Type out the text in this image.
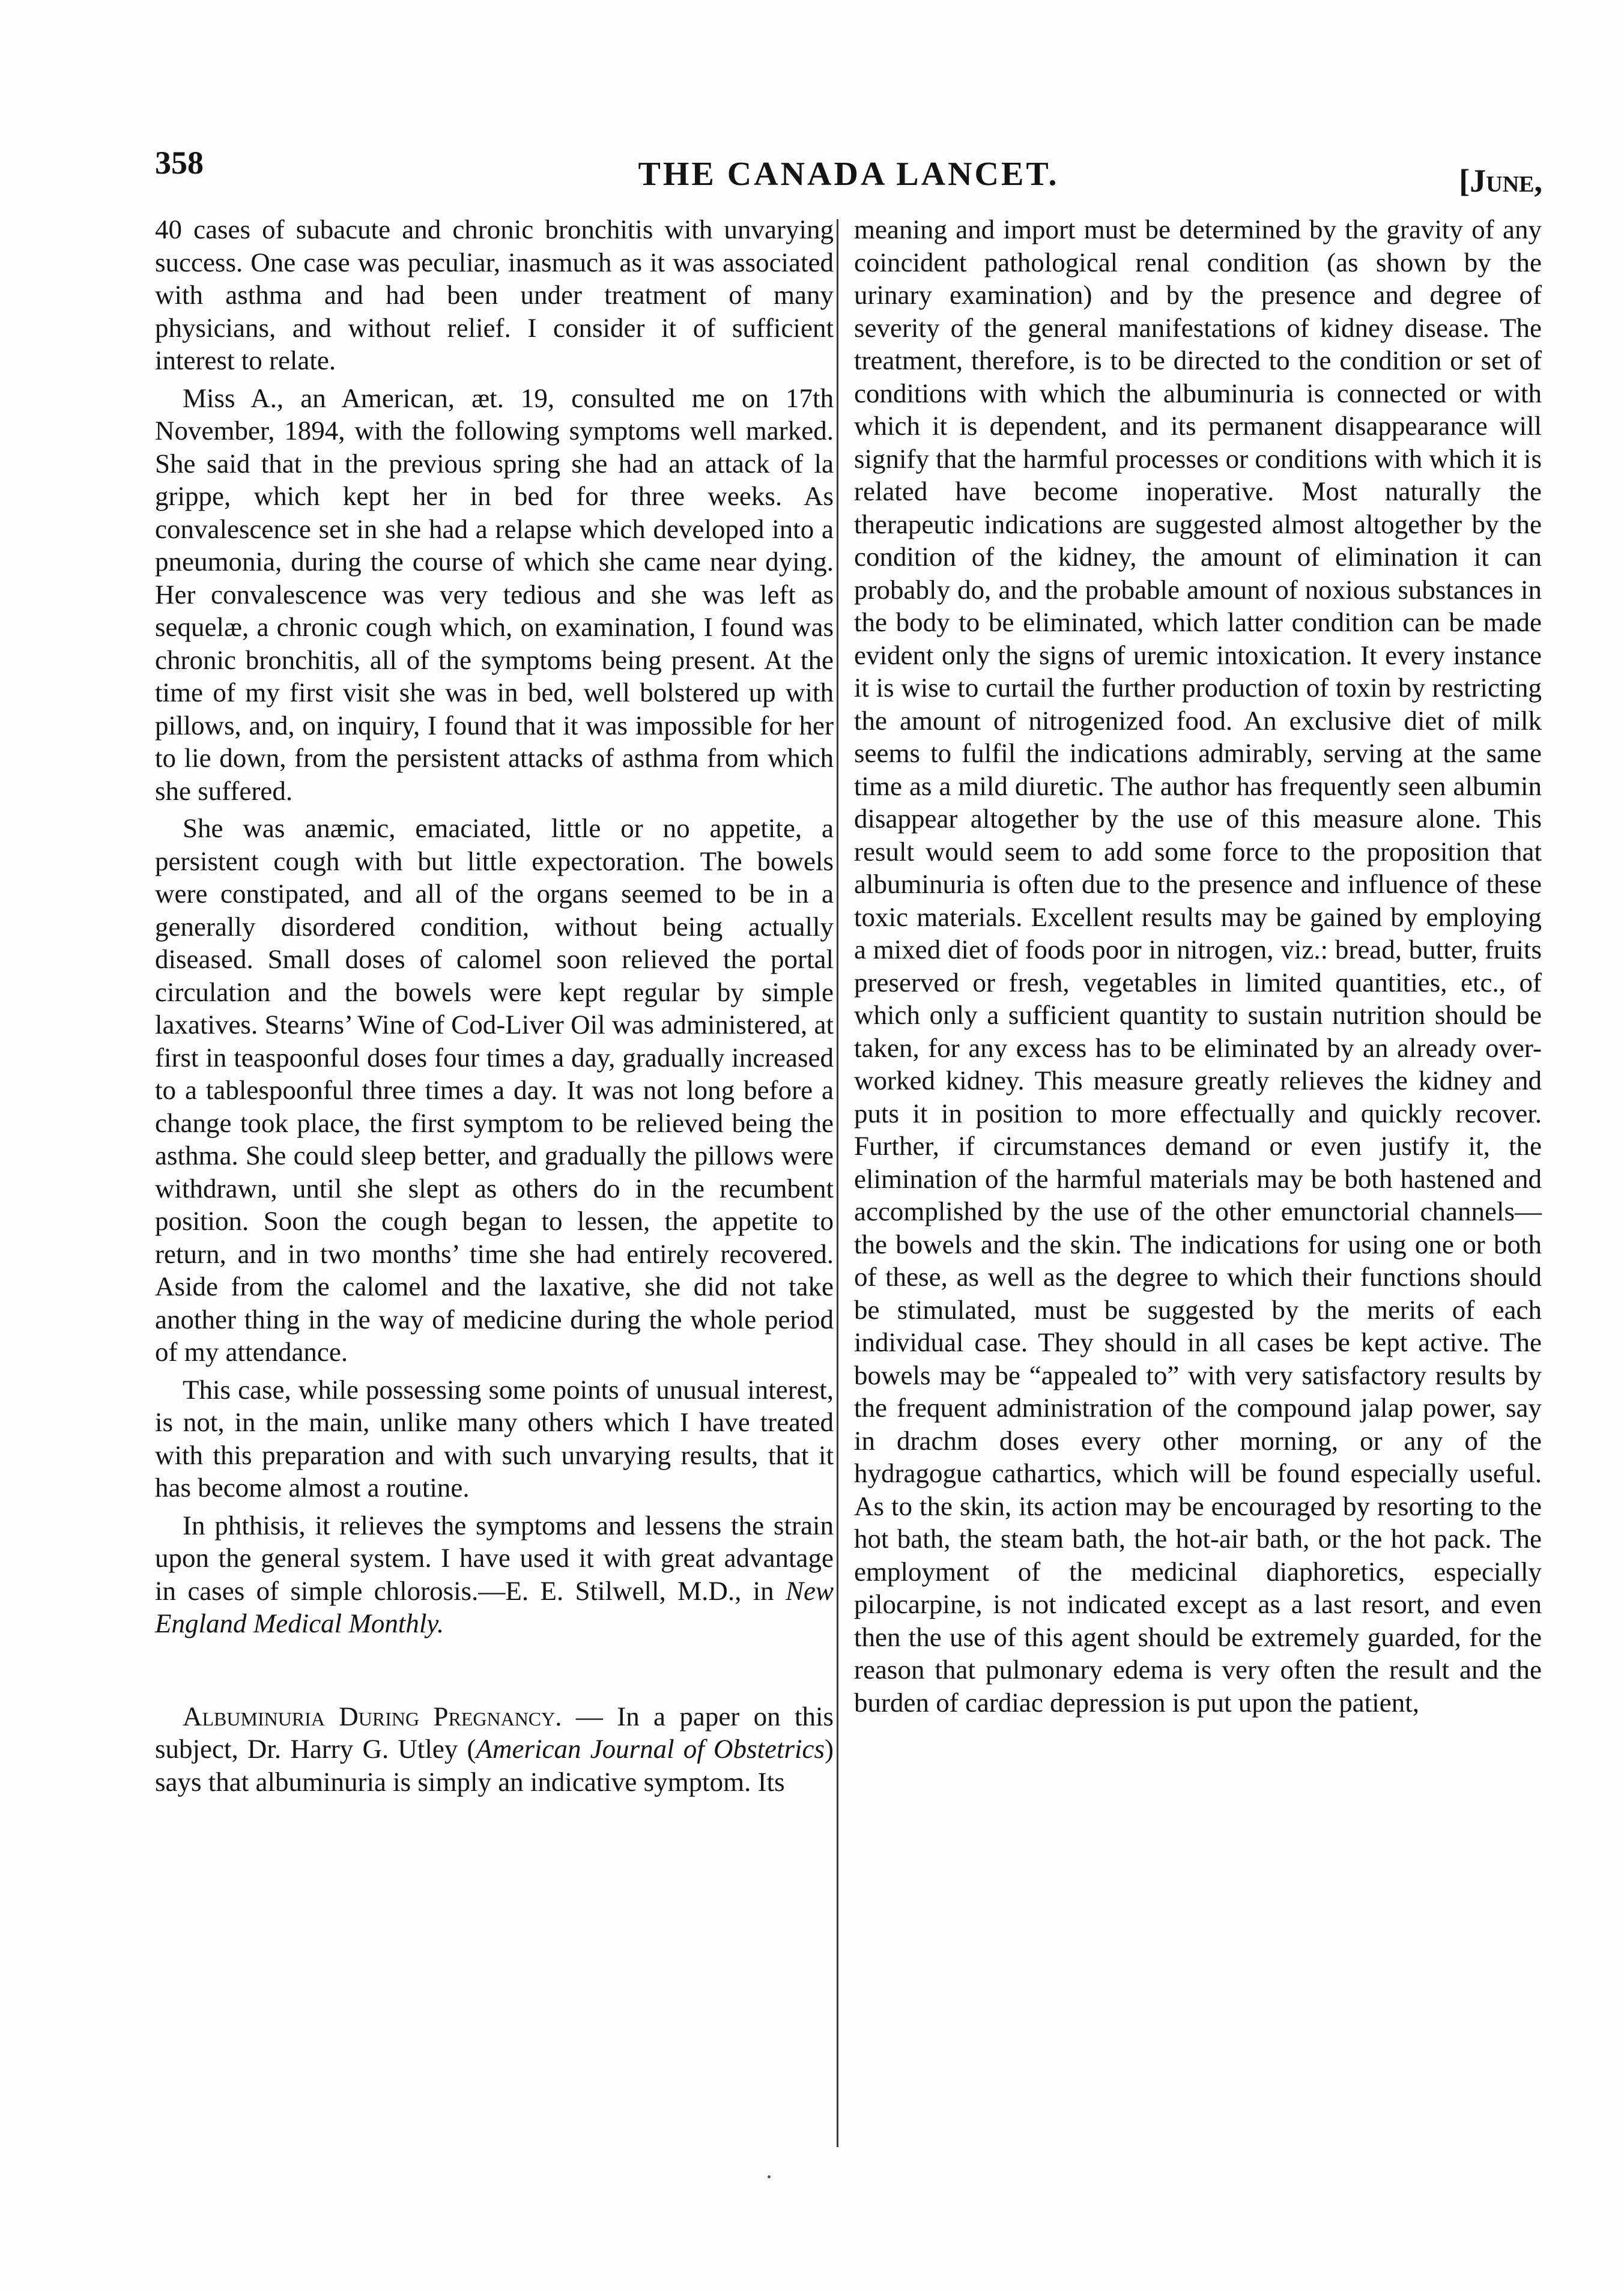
358	THE CANADA LANCET.	[June,

40 cases of subacute and chronic bronchitis with unvarying success. One case was peculiar, inasmuch as it was associated with asthma and had been under treatment of many physicians, and without relief. I consider it of sufficient interest to relate.

Miss A., an American, æt. 19, consulted me on 17th November, 1894, with the following symptoms well marked. She said that in the previous spring she had an attack of la grippe, which kept her in bed for three weeks. As convalescence set in she had a relapse which developed into a pneumonia, during the course of which she came near dying. Her convalescence was very tedious and she was left as sequelæ, a chronic cough which, on examination, I found was chronic bronchitis, all of the symptoms being present. At the time of my first visit she was in bed, well bolstered up with pillows, and, on inquiry, I found that it was impossible for her to lie down, from the persistent attacks of asthma from which she suffered.

She was anæmic, emaciated, little or no appetite, a persistent cough with but little expectoration. The bowels were constipated, and all of the organs seemed to be in a generally disordered condition, without being actually diseased. Small doses of calomel soon relieved the portal circulation and the bowels were kept regular by simple laxatives. Stearns’ Wine of Cod-Liver Oil was administered, at first in teaspoonful doses four times a day, gradually increased to a tablespoonful three times a day. It was not long before a change took place, the first symptom to be relieved being the asthma. She could sleep better, and gradually the pillows were withdrawn, until she slept as others do in the recumbent position. Soon the cough began to lessen, the appetite to return, and in two months’ time she had entirely recovered. Aside from the calomel and the laxative, she did not take another thing in the way of medicine during the whole period of my attendance.

This case, while possessing some points of unusual interest, is not, in the main, unlike many others which I have treated with this preparation and with such unvarying results, that it has become almost a routine.

In phthisis, it relieves the symptoms and lessens the strain upon the general system. I have used it with great advantage in cases of simple chlorosis.—E. E. Stilwell, M.D., in New England Medical Monthly.

Albuminuria During Pregnancy. — In a paper on this subject, Dr. Harry G. Utley (American Journal of Obstetrics) says that albuminuria is simply an indicative symptom. Its

meaning and import must be determined by the gravity of any coincident pathological renal condition (as shown by the urinary examination) and by the presence and degree of severity of the general manifestations of kidney disease. The treatment, therefore, is to be directed to the condition or set of conditions with which the albuminuria is connected or with which it is dependent, and its permanent disappearance will signify that the harmful processes or conditions with which it is related have become inoperative. Most naturally the therapeutic indications are suggested almost altogether by the condition of the kidney, the amount of elimination it can probably do, and the probable amount of noxious substances in the body to be eliminated, which latter condition can be made evident only the signs of uremic intoxication. It every instance it is wise to curtail the further production of toxin by restricting the amount of nitrogenized food. An exclusive diet of milk seems to fulfil the indications admirably, serving at the same time as a mild diuretic. The author has frequently seen albumin disappear altogether by the use of this measure alone. This result would seem to add some force to the proposition that albuminuria is often due to the presence and influence of these toxic materials. Excellent results may be gained by employing a mixed diet of foods poor in nitrogen, viz.: bread, butter, fruits preserved or fresh, vegetables in limited quantities, etc., of which only a sufficient quantity to sustain nutrition should be taken, for any excess has to be eliminated by an already over-worked kidney. This measure greatly relieves the kidney and puts it in position to more effectually and quickly recover. Further, if circumstances demand or even justify it, the elimination of the harmful materials may be both hastened and accomplished by the use of the other emunctorial channels—the bowels and the skin. The indications for using one or both of these, as well as the degree to which their functions should be stimulated, must be suggested by the merits of each individual case. They should in all cases be kept active. The bowels may be “appealed to” with very satisfactory results by the frequent administration of the compound jalap power, say in drachm doses every other morning, or any of the hydragogue cathartics, which will be found especially useful. As to the skin, its action may be encouraged by resorting to the hot bath, the steam bath, the hot-air bath, or the hot pack. The employment of the medicinal diaphoretics, especially pilocarpine, is not indicated except as a last resort, and even then the use of this agent should be extremely guarded, for the reason that pulmonary edema is very often the result and the burden of cardiac depression is put upon the patient,
